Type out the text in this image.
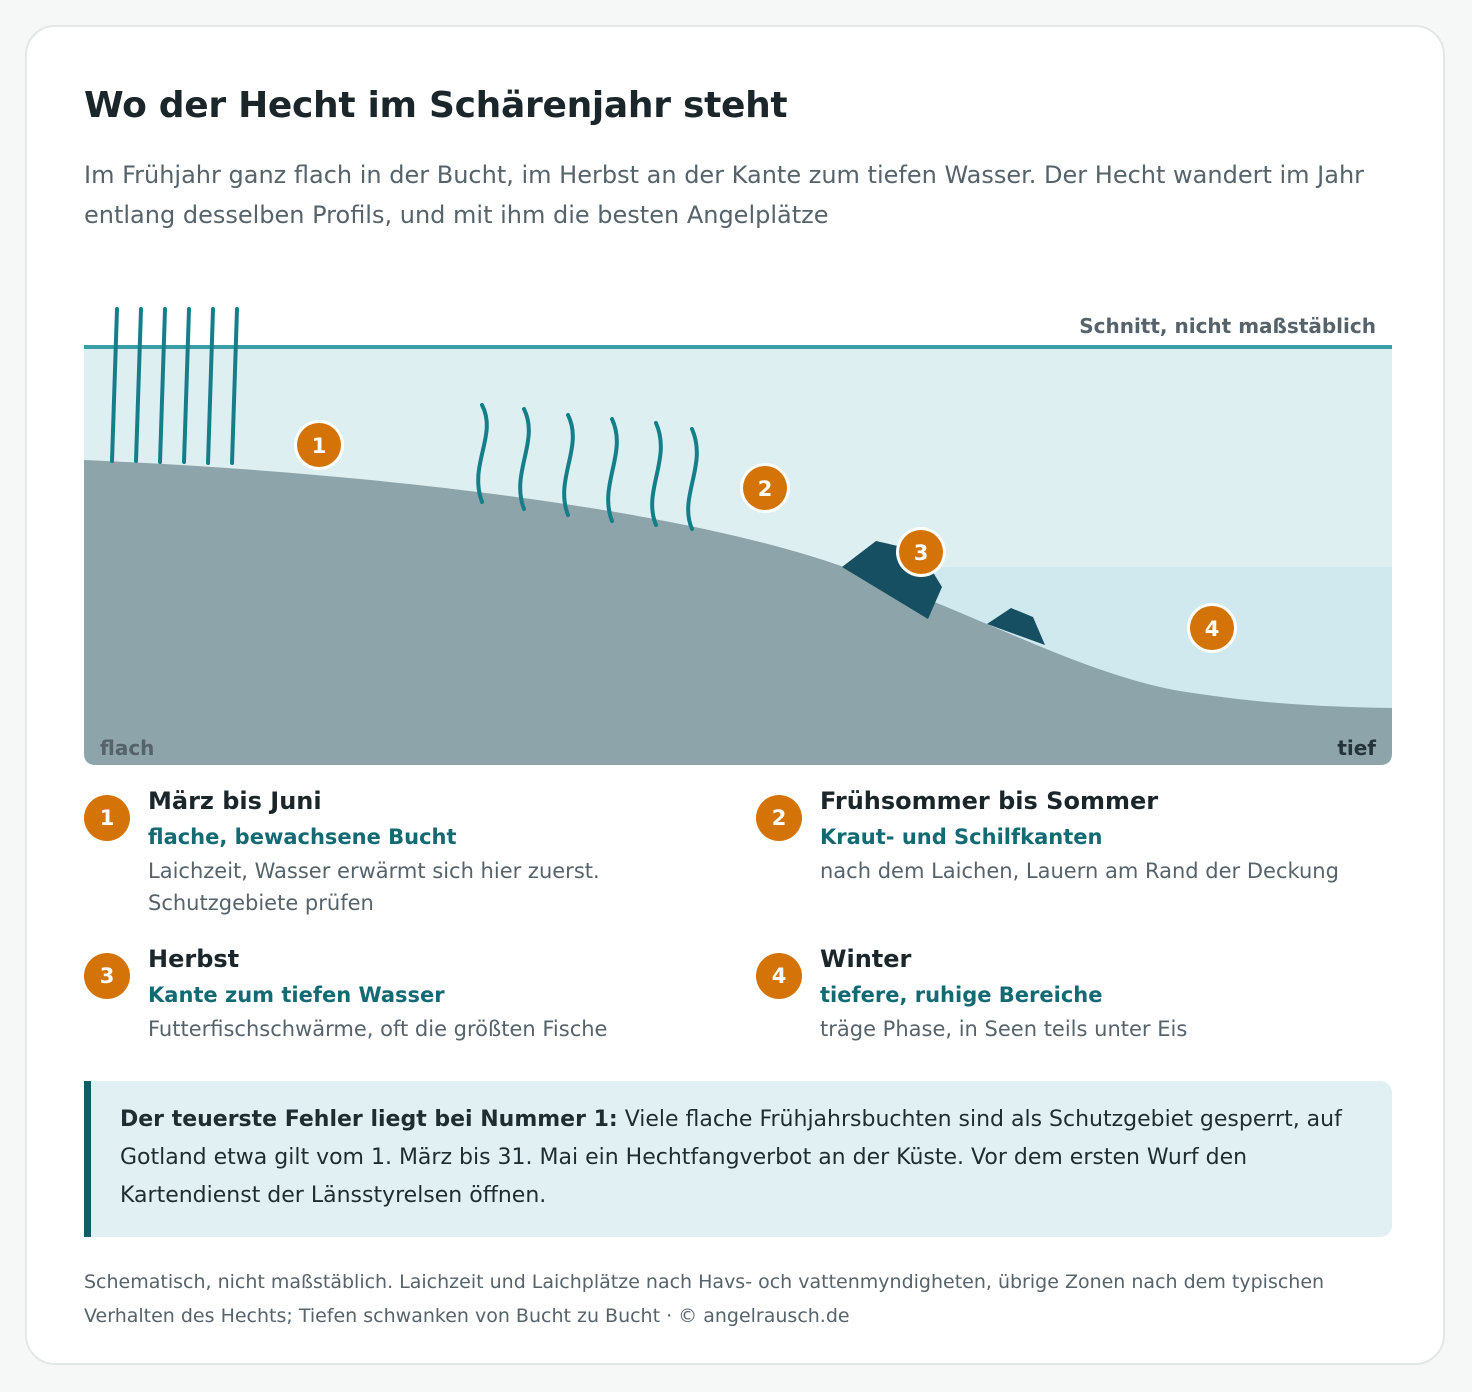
Wo der Hecht im Schärenjahr steht

Im Frühjahr ganz flach in der Bucht, im Herbst an der Kante zum tiefen Wasser. Der Hecht wandert im Jahr entlang desselben Profils, und mit ihm die besten Angelplätze

Schnitt, nicht maßstäblich
flach	tief
1
2
3
4
1
März bis Juni
flache, bewachsene Bucht
Laichzeit, Wasser erwärmt sich hier zuerst. Schutzgebiete prüfen
2
Frühsommer bis Sommer
Kraut- und Schilfkanten
nach dem Laichen, Lauern am Rand der Deckung
3
Herbst
Kante zum tiefen Wasser
Futterfischschwärme, oft die größten Fische
4
Winter
tiefere, ruhige Bereiche
träge Phase, in Seen teils unter Eis
Der teuerste Fehler liegt bei Nummer 1: Viele flache Frühjahrsbuchten sind als Schutzgebiet gesperrt, auf Gotland etwa gilt vom 1. März bis 31. Mai ein Hechtfangverbot an der Küste. Vor dem ersten Wurf den Kartendienst der Länsstyrelsen öffnen.

Schematisch, nicht maßstäblich. Laichzeit und Laichplätze nach Havs- och vattenmyndigheten, übrige Zonen nach dem typischen Verhalten des Hechts; Tiefen schwanken von Bucht zu Bucht · © angelrausch.de
